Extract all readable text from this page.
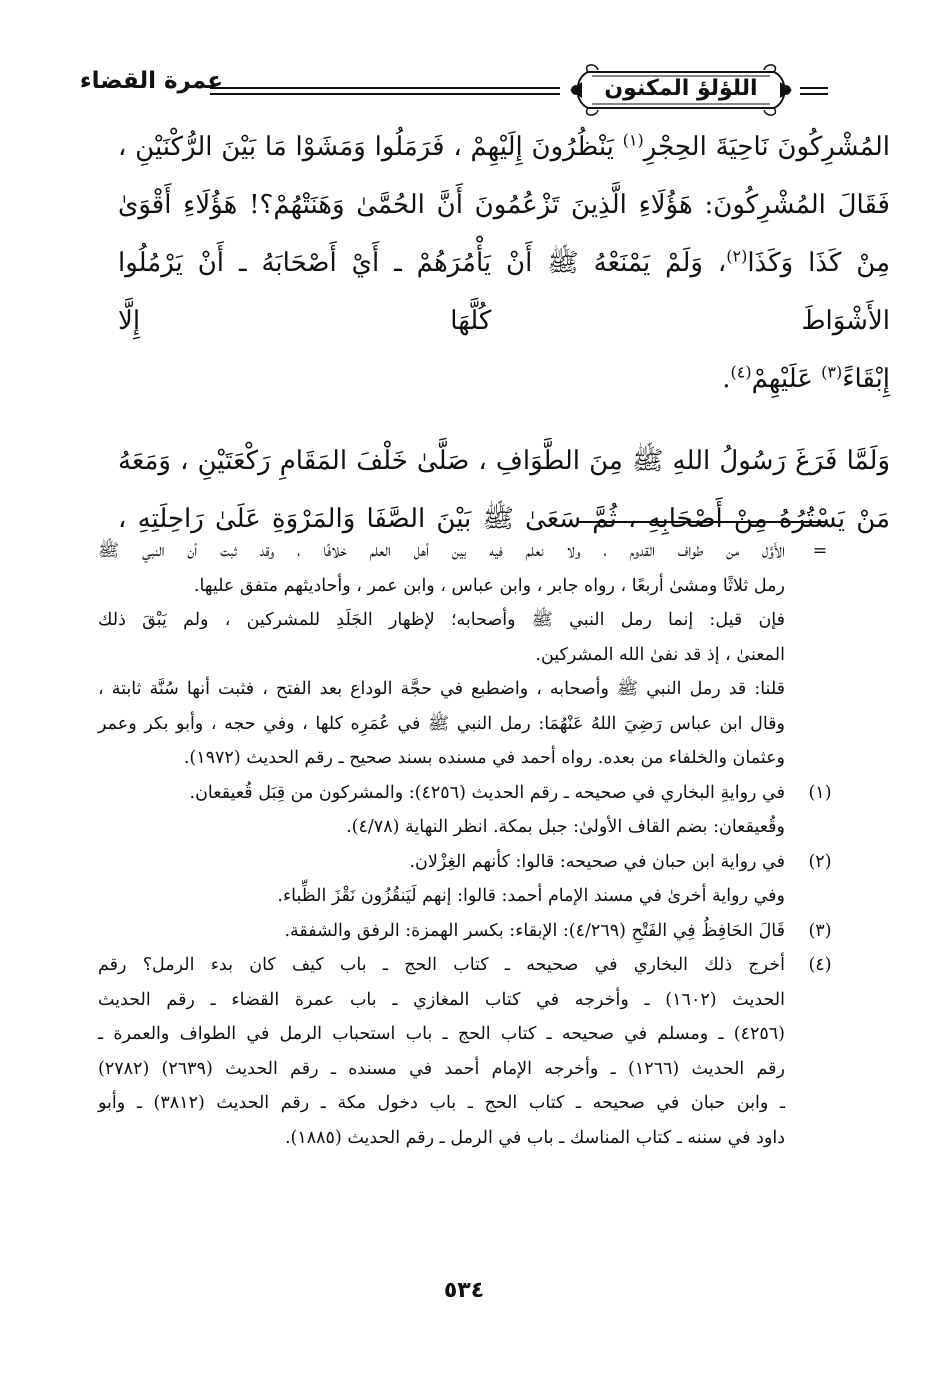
عمرة القضاء	اللؤلؤ المكنون

المُشْرِكُونَ نَاحِيَةَ الحِجْرِ$^{(١)}$ يَنْظُرُونَ إِلَيْهِمْ ، فَرَمَلُوا وَمَشَوْا مَا بَيْنَ الرُّكْنَيْنِ ، فَقَالَ المُشْرِكُونَ: هَؤُلَاءِ الَّذِينَ تَزْعُمُونَ أَنَّ الحُمَّىٰ وَهَنَتْهُمْ؟! هَؤُلَاءِ أَقْوَىٰ مِنْ كَذَا وَكَذَا$^{(٢)}$، وَلَمْ يَمْنَعْهُ ﷺ أَنْ يَأْمُرَهُمْ ـ أَيْ أَصْحَابَهُ ـ أَنْ يَرْمُلُوا الأَشْوَاطَ كُلَّهَا إِلَّا

إِبْقَاءً$^{(٣)}$ عَلَيْهِمْ$^{(٤)}$.

وَلَمَّا فَرَغَ رَسُولُ اللهِ ﷺ مِنَ الطَّوَافِ ، صَلَّىٰ خَلْفَ المَقَامِ رَكْعَتَيْنِ ، وَمَعَهُ مَنْ يَسْتُرُهُ مِنْ أَصْحَابِهِ ، ثُمَّ سَعَىٰ ﷺ بَيْنَ الصَّفَا وَالمَرْوَةِ عَلَىٰ رَاحِلَتِهِ ،

=

الأَوَّل من طواف القدوم ، ولا نعلم فيه بين أهل العلم خلافًا ، وقد ثبت أن النبي ﷺ

رمل ثلاثًا ومشىٰ أربعًا ، رواه جابر ، وابن عباس ، وابن عمر ، وأحاديثهم متفق عليها.

فإن قيل: إنما رمل النبي ﷺ وأصحابه؛ لإظهار الجَلَدِ للمشركين ، ولم يَبْقَ ذلك

المعنىٰ ، إذ قد نفىٰ الله المشركين.

قلنا: قد رمل النبي ﷺ وأصحابه ، واضطبع في حجَّة الوداع بعد الفتح ، فثبت أنها سُنَّة ثابتة ،

وقال ابن عباس رَضِيَ اللهُ عَنْهُمَا: رمل النبي ﷺ في عُمَرِه كلها ، وفي حجه ، وأبو بكر وعمر

وعثمان والخلفاء من بعده. رواه أحمد في مسنده بسند صحيح ـ رقم الحديث (١٩٧٢).

(١)

في روايةِ البخاري في صحيحه ـ رقم الحديث (٤٢٥٦): والمشركون من قِبَل قُعيقعان.

وقُعيقعان: بضم القاف الأولىٰ: جبل بمكة. انظر النهاية (٤/٧٨).

(٢)

في رواية ابن حبان في صحيحه: قالوا: كأنهم الغِزْلان.

وفي رواية أخرىٰ في مسند الإمام أحمد: قالوا: إنهم لَيَنقُزُون نَقْزَ الظِّباء.

(٣)

قَالَ الحَافِظُ فِي الفَتْحِ (٤/٢٦٩): الإبقاء: بكسر الهمزة: الرفق والشفقة.

(٤)

أخرج ذلك البخاري في صحيحه ـ كتاب الحج ـ باب كيف كان بدء الرمل؟ رقم

الحديث (١٦٠٢) ـ وأخرجه في كتاب المغازي ـ باب عمرة القضاء ـ رقم الحديث

(٤٢٥٦) ـ ومسلم في صحيحه ـ كتاب الحج ـ باب استحباب الرمل في الطواف والعمرة ـ

رقم الحديث (١٢٦٦) ـ وأخرجه الإمام أحمد في مسنده ـ رقم الحديث (٢٦٣٩) (٢٧٨٢)

ـ وابن حبان في صحيحه ـ كتاب الحج ـ باب دخول مكة ـ رقم الحديث (٣٨١٢) ـ وأبو

داود في سننه ـ كتاب المناسك ـ باب في الرمل ـ رقم الحديث (١٨٨٥).

٥٣٤
